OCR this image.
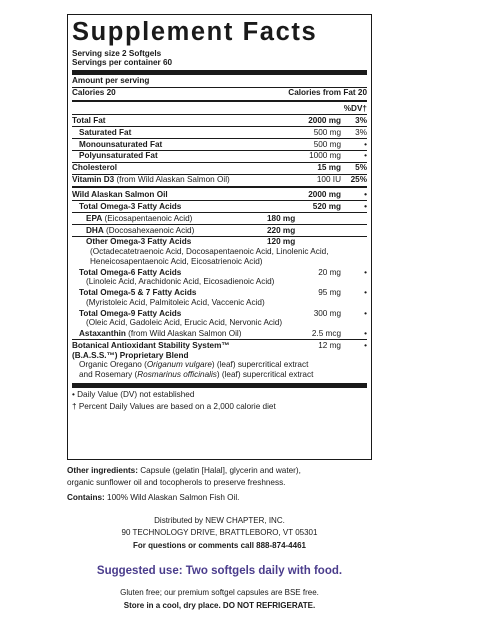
Supplement Facts
Serving size 2 Softgels
Servings per container 60
Amount per serving
Calories 20	Calories from Fat 20
%DV†
Total Fat	2000 mg	3%
Saturated Fat	500 mg	3%
Monounsaturated Fat	500 mg	•
Polyunsaturated Fat	1000 mg	•
Cholesterol	15 mg	5%
Vitamin D3 (from Wild Alaskan Salmon Oil)	100 IU	25%
Wild Alaskan Salmon Oil	2000 mg	•
Total Omega-3 Fatty Acids	520 mg	•
EPA (Eicosapentaenoic Acid)	180 mg
DHA (Docosahexaenoic Acid)	220 mg
Other Omega-3 Fatty Acids	120 mg
(Octadecatetraenoic Acid, Docosapentaenoic Acid, Linolenic Acid,
Heneicosapentaenoic Acid, Eicosatrienoic Acid)
Total Omega-6 Fatty Acids	20 mg	•
(Linoleic Acid, Arachidonic Acid, Eicosadienoic Acid)
Total Omega-5 & 7 Fatty Acids	95 mg	•
(Myristoleic Acid, Palmitoleic Acid, Vaccenic Acid)
Total Omega-9 Fatty Acids	300 mg	•
(Oleic Acid, Gadoleic Acid, Erucic Acid, Nervonic Acid)
Astaxanthin (from Wild Alaskan Salmon Oil)	2.5 mcg	•
Botanical Antioxidant Stability System™	12 mg	•
(B.A.S.S.™) Proprietary Blend
Organic Oregano (Origanum vulgare) (leaf) supercritical extract
and Rosemary (Rosmarinus officinalis) (leaf) supercritical extract
• Daily Value (DV) not established
† Percent Daily Values are based on a 2,000 calorie diet
Other ingredients: Capsule (gelatin [Halal], glycerin and water),
organic sunflower oil and tocopherols to preserve freshness.
Contains: 100% Wild Alaskan Salmon Fish Oil.
Distributed by NEW CHAPTER, INC.
90 TECHNOLOGY DRIVE, BRATTLEBORO, VT 05301
For questions or comments call 888-874-4461
Suggested use: Two softgels daily with food.
Gluten free; our premium softgel capsules are BSE free.
Store in a cool, dry place. DO NOT REFRIGERATE.
